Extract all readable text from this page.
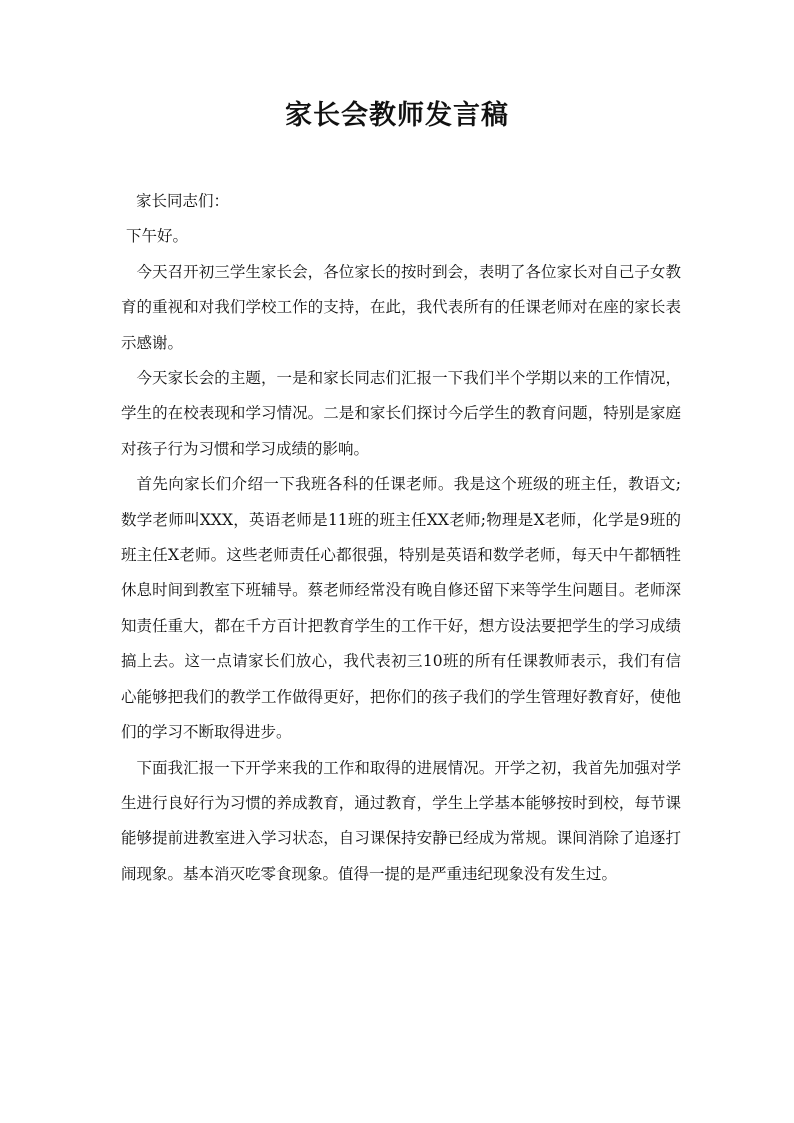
家长会教师发言稿

家长同志们：

下午好。

今天召开初三学生家长会，各位家长的按时到会，表明了各位家长对自己子女教育的重视和对我们学校工作的支持，在此，我代表所有的任课老师对在座的家长表示感谢。

今天家长会的主题，一是和家长同志们汇报一下我们半个学期以来的工作情况，学生的在校表现和学习情况。二是和家长们探讨今后学生的教育问题，特别是家庭对孩子行为习惯和学习成绩的影响。

首先向家长们介绍一下我班各科的任课老师。我是这个班级的班主任，教语文;数学老师叫XXX，英语老师是11班的班主任XX老师;物理是X老师，化学是9班的班主任X老师。这些老师责任心都很强，特别是英语和数学老师，每天中午都牺牲休息时间到教室下班辅导。蔡老师经常没有晚自修还留下来等学生问题目。老师深知责任重大，都在千方百计把教育学生的工作干好，想方设法要把学生的学习成绩搞上去。这一点请家长们放心，我代表初三10班的所有任课教师表示，我们有信心能够把我们的教学工作做得更好，把你们的孩子我们的学生管理好教育好，使他们的学习不断取得进步。

下面我汇报一下开学来我的工作和取得的进展情况。开学之初，我首先加强对学生进行良好行为习惯的养成教育，通过教育，学生上学基本能够按时到校，每节课能够提前进教室进入学习状态，自习课保持安静已经成为常规。课间消除了追逐打闹现象。基本消灭吃零食现象。值得一提的是严重违纪现象没有发生过。
